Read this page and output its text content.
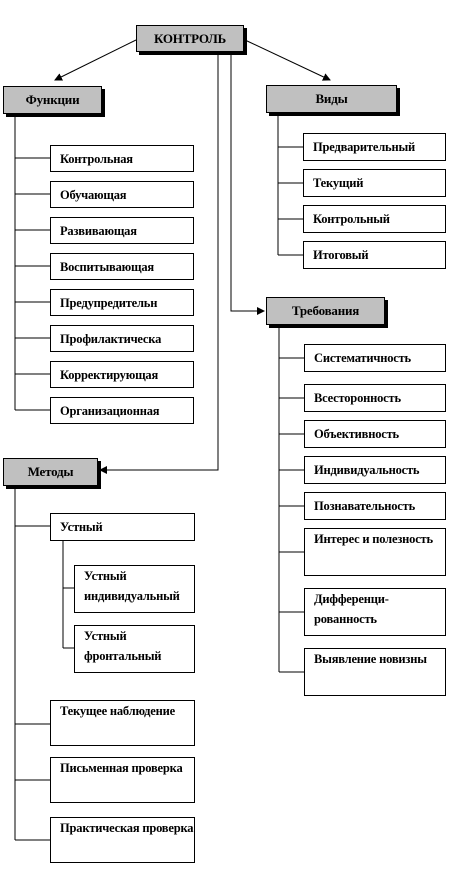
КОНТРОЛЬ
Функции
Контрольная
Обучающая
Развивающая
Воспитывающая
Предупредительн
Профилактическа
Корректирующая
Организационная
Виды
Предварительный
Текущий
Контрольный
Итоговый
Требования
Систематичность
Всесторонность
Объективность
Индивидуальность
Познавательность
Интерес и полезность
Дифференци-рованность
Выявление новизны
Методы
Устный
Устный индивидуальный
Устный фронтальный
Текущее наблюдение
Письменная проверка
Практическая проверка
